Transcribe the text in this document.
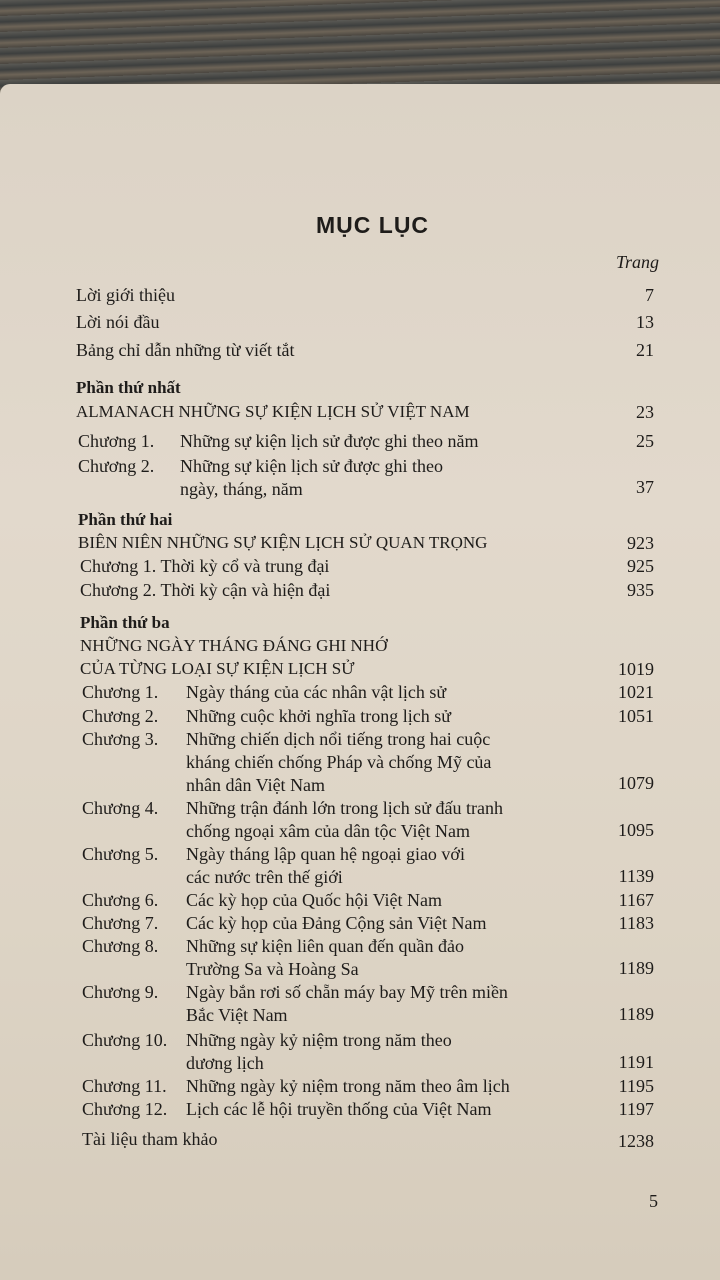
MỤC LỤC
Trang
Lời giới thiệu	7
Lời nói đầu	13
Bảng chỉ dẫn những từ viết tắt	21
Phần thứ nhất
ALMANACH NHỮNG SỰ KIỆN LỊCH SỬ VIỆT NAM	23
Chương 1. Những sự kiện lịch sử được ghi theo năm	25
Chương 2. Những sự kiện lịch sử được ghi theo
ngày, tháng, năm	37
Phần thứ hai
BIÊN NIÊN NHỮNG SỰ KIỆN LỊCH SỬ QUAN TRỌNG	923
Chương 1. Thời kỳ cổ và trung đại	925
Chương 2. Thời kỳ cận và hiện đại	935
Phần thứ ba
NHỮNG NGÀY THÁNG ĐÁNG GHI NHỚ
CỦA TỪNG LOẠI SỰ KIỆN LỊCH SỬ	1019
Chương 1. Ngày tháng của các nhân vật lịch sử	1021
Chương 2. Những cuộc khởi nghĩa trong lịch sử	1051
Chương 3. Những chiến dịch nổi tiếng trong hai cuộc
kháng chiến chống Pháp và chống Mỹ của
nhân dân Việt Nam	1079
Chương 4. Những trận đánh lớn trong lịch sử đấu tranh
chống ngoại xâm của dân tộc Việt Nam	1095
Chương 5. Ngày tháng lập quan hệ ngoại giao với
các nước trên thế giới	1139
Chương 6. Các kỳ họp của Quốc hội Việt Nam	1167
Chương 7. Các kỳ họp của Đảng Cộng sản Việt Nam	1183
Chương 8. Những sự kiện liên quan đến quần đảo
Trường Sa và Hoàng Sa	1189
Chương 9. Ngày bắn rơi số chẵn máy bay Mỹ trên miền
Bắc Việt Nam	1189
Chương 10. Những ngày kỷ niệm trong năm theo
dương lịch	1191
Chương 11. Những ngày kỷ niệm trong năm theo âm lịch	1195
Chương 12. Lịch các lễ hội truyền thống của Việt Nam	1197
Tài liệu tham khảo	1238
5
